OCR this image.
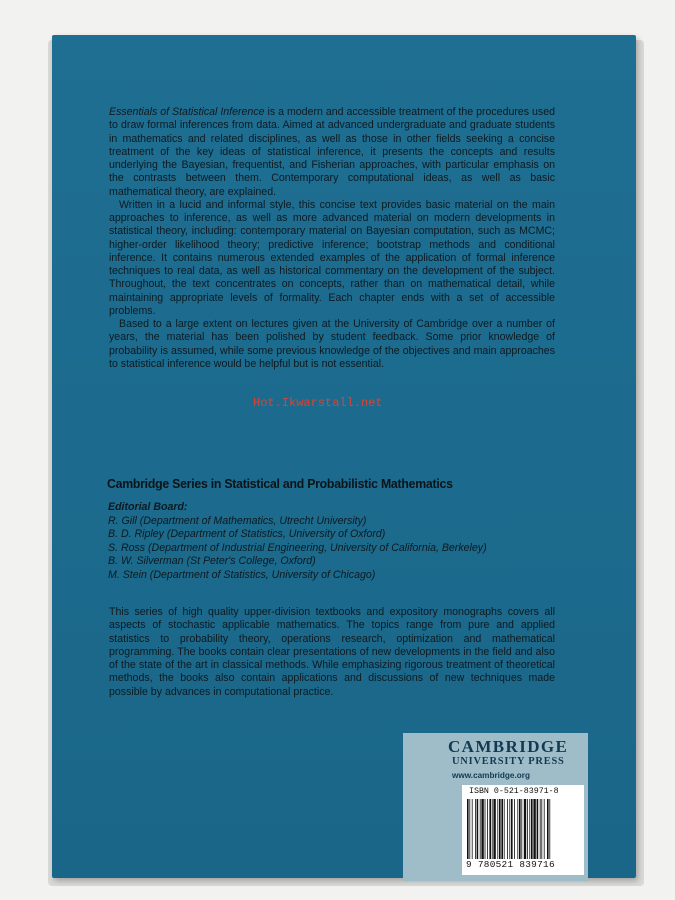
Essentials of Statistical Inference is a modern and accessible treatment of the procedures used to draw formal inferences from data. Aimed at advanced undergraduate and graduate students in mathematics and related disciplines, as well as those in other fields seeking a concise treatment of the key ideas of statistical inference, it presents the concepts and results underlying the Bayesian, frequentist, and Fisherian approaches, with particular emphasis on the contrasts between them. Contemporary computational ideas, as well as basic mathematical theory, are explained.

Written in a lucid and informal style, this concise text provides basic material on the main approaches to inference, as well as more advanced material on modern developments in statistical theory, including: contemporary material on Bayesian computation, such as MCMC; higher-order likelihood theory; predictive inference; bootstrap methods and conditional inference. It contains numerous extended examples of the application of formal inference techniques to real data, as well as historical commentary on the development of the subject. Throughout, the text concentrates on concepts, rather than on mathematical detail, while maintaining appropriate levels of formality. Each chapter ends with a set of accessible problems.

Based to a large extent on lectures given at the University of Cambridge over a number of years, the material has been polished by student feedback. Some prior knowledge of probability is assumed, while some previous knowledge of the objectives and main approaches to statistical inference would be helpful but is not essential.

Hot.Ikwarstall.net
Cambridge Series in Statistical and Probabilistic Mathematics
Editorial Board:
R. Gill (Department of Mathematics, Utrecht University)
B. D. Ripley (Department of Statistics, University of Oxford)
S. Ross (Department of Industrial Engineering, University of California, Berkeley)
B. W. Silverman (St Peter's College, Oxford)
M. Stein (Department of Statistics, University of Chicago)

This series of high quality upper-division textbooks and expository monographs covers all aspects of stochastic applicable mathematics. The topics range from pure and applied statistics to probability theory, operations research, optimization and mathematical programming. The books contain clear presentations of new developments in the field and also of the state of the art in classical methods. While emphasizing rigorous treatment of theoretical methods, the books also contain applications and discussions of new techniques made possible by advances in computational practice.

CAMBRIDGE
UNIVERSITY PRESS
www.cambridge.org
ISBN 0-521-83971-8
9 780521 839716
